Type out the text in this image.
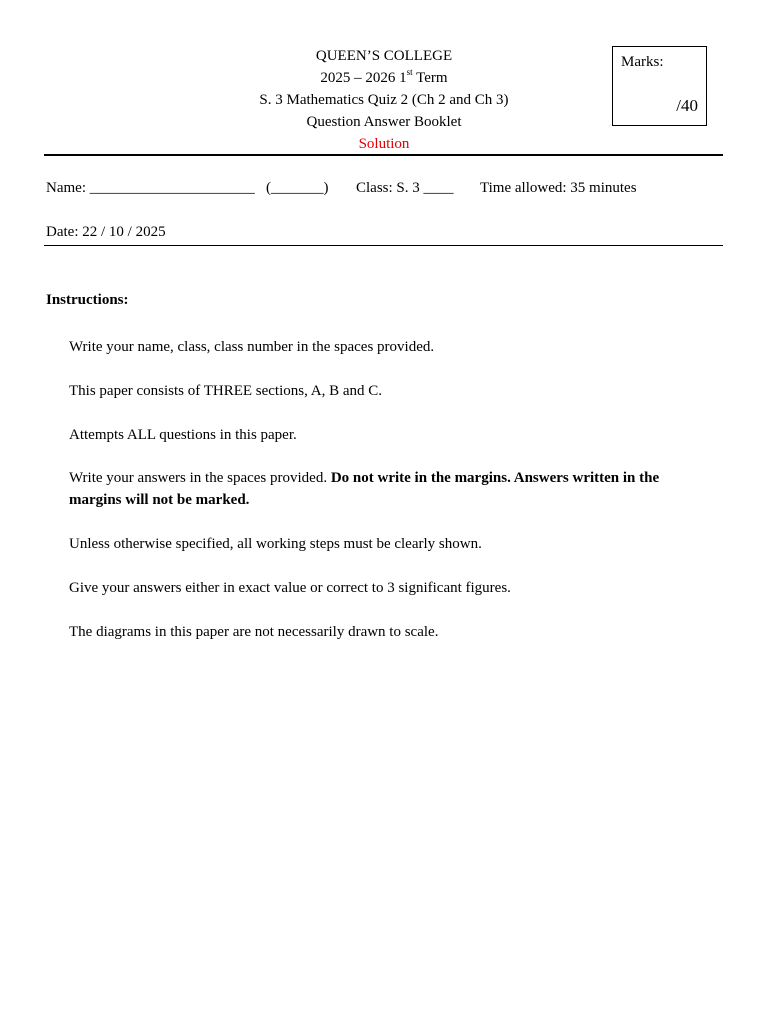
QUEEN’S COLLEGE
2025 – 2026 1st Term
S. 3 Mathematics Quiz 2 (Ch 2 and Ch 3)
Question Answer Booklet
Solution
Marks:
/40
Name: ______________________ (_______) Class: S. 3 ____ Time allowed: 35 minutes
Date: 22 / 10 / 2025
Instructions:
Write your name, class, class number in the spaces provided.
This paper consists of THREE sections, A, B and C.
Attempts ALL questions in this paper.
Write your answers in the spaces provided. Do not write in the margins. Answers written in the margins will not be marked.
Unless otherwise specified, all working steps must be clearly shown.
Give your answers either in exact value or correct to 3 significant figures.
The diagrams in this paper are not necessarily drawn to scale.
